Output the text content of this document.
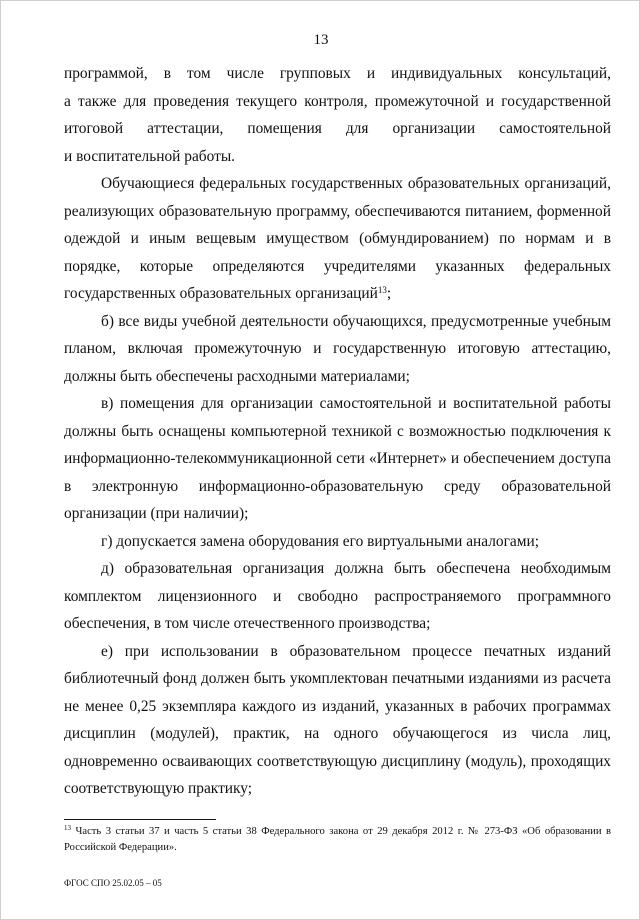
13

программой, в том числе групповых и индивидуальных консультаций,

а также для проведения текущего контроля, промежуточной и государственной

итоговой аттестации, помещения для организации самостоятельной

и воспитательной работы.

Обучающиеся федеральных государственных образовательных организаций, реализующих образовательную программу, обеспечиваются питанием, форменной одеждой и иным вещевым имуществом (обмундированием) по нормам и в порядке, которые определяются учредителями указанных федеральных государственных образовательных организаций$^{13}$;

б) все виды учебной деятельности обучающихся, предусмотренные учебным планом, включая промежуточную и государственную итоговую аттестацию, должны быть обеспечены расходными материалами;

в) помещения для организации самостоятельной и воспитательной работы должны быть оснащены компьютерной техникой с возможностью подключения к информационно-телекоммуникационной сети «Интернет» и обеспечением доступа в электронную информационно-образовательную среду образовательной организации (при наличии);

г) допускается замена оборудования его виртуальными аналогами;

д) образовательная организация должна быть обеспечена необходимым комплектом лицензионного и свободно распространяемого программного обеспечения, в том числе отечественного производства;

е) при использовании в образовательном процессе печатных изданий библиотечный фонд должен быть укомплектован печатными изданиями из расчета не менее 0,25 экземпляра каждого из изданий, указанных в рабочих программах дисциплин (модулей), практик, на одного обучающегося из числа лиц, одновременно осваивающих соответствующую дисциплину (модуль), проходящих соответствующую практику;

$^{13}$ Часть 3 статьи 37 и часть 5 статьи 38 Федерального закона от 29 декабря 2012 г. № 273-ФЗ «Об образовании в Российской Федерации».
ФГОС СПО 25.02.05 – 05
